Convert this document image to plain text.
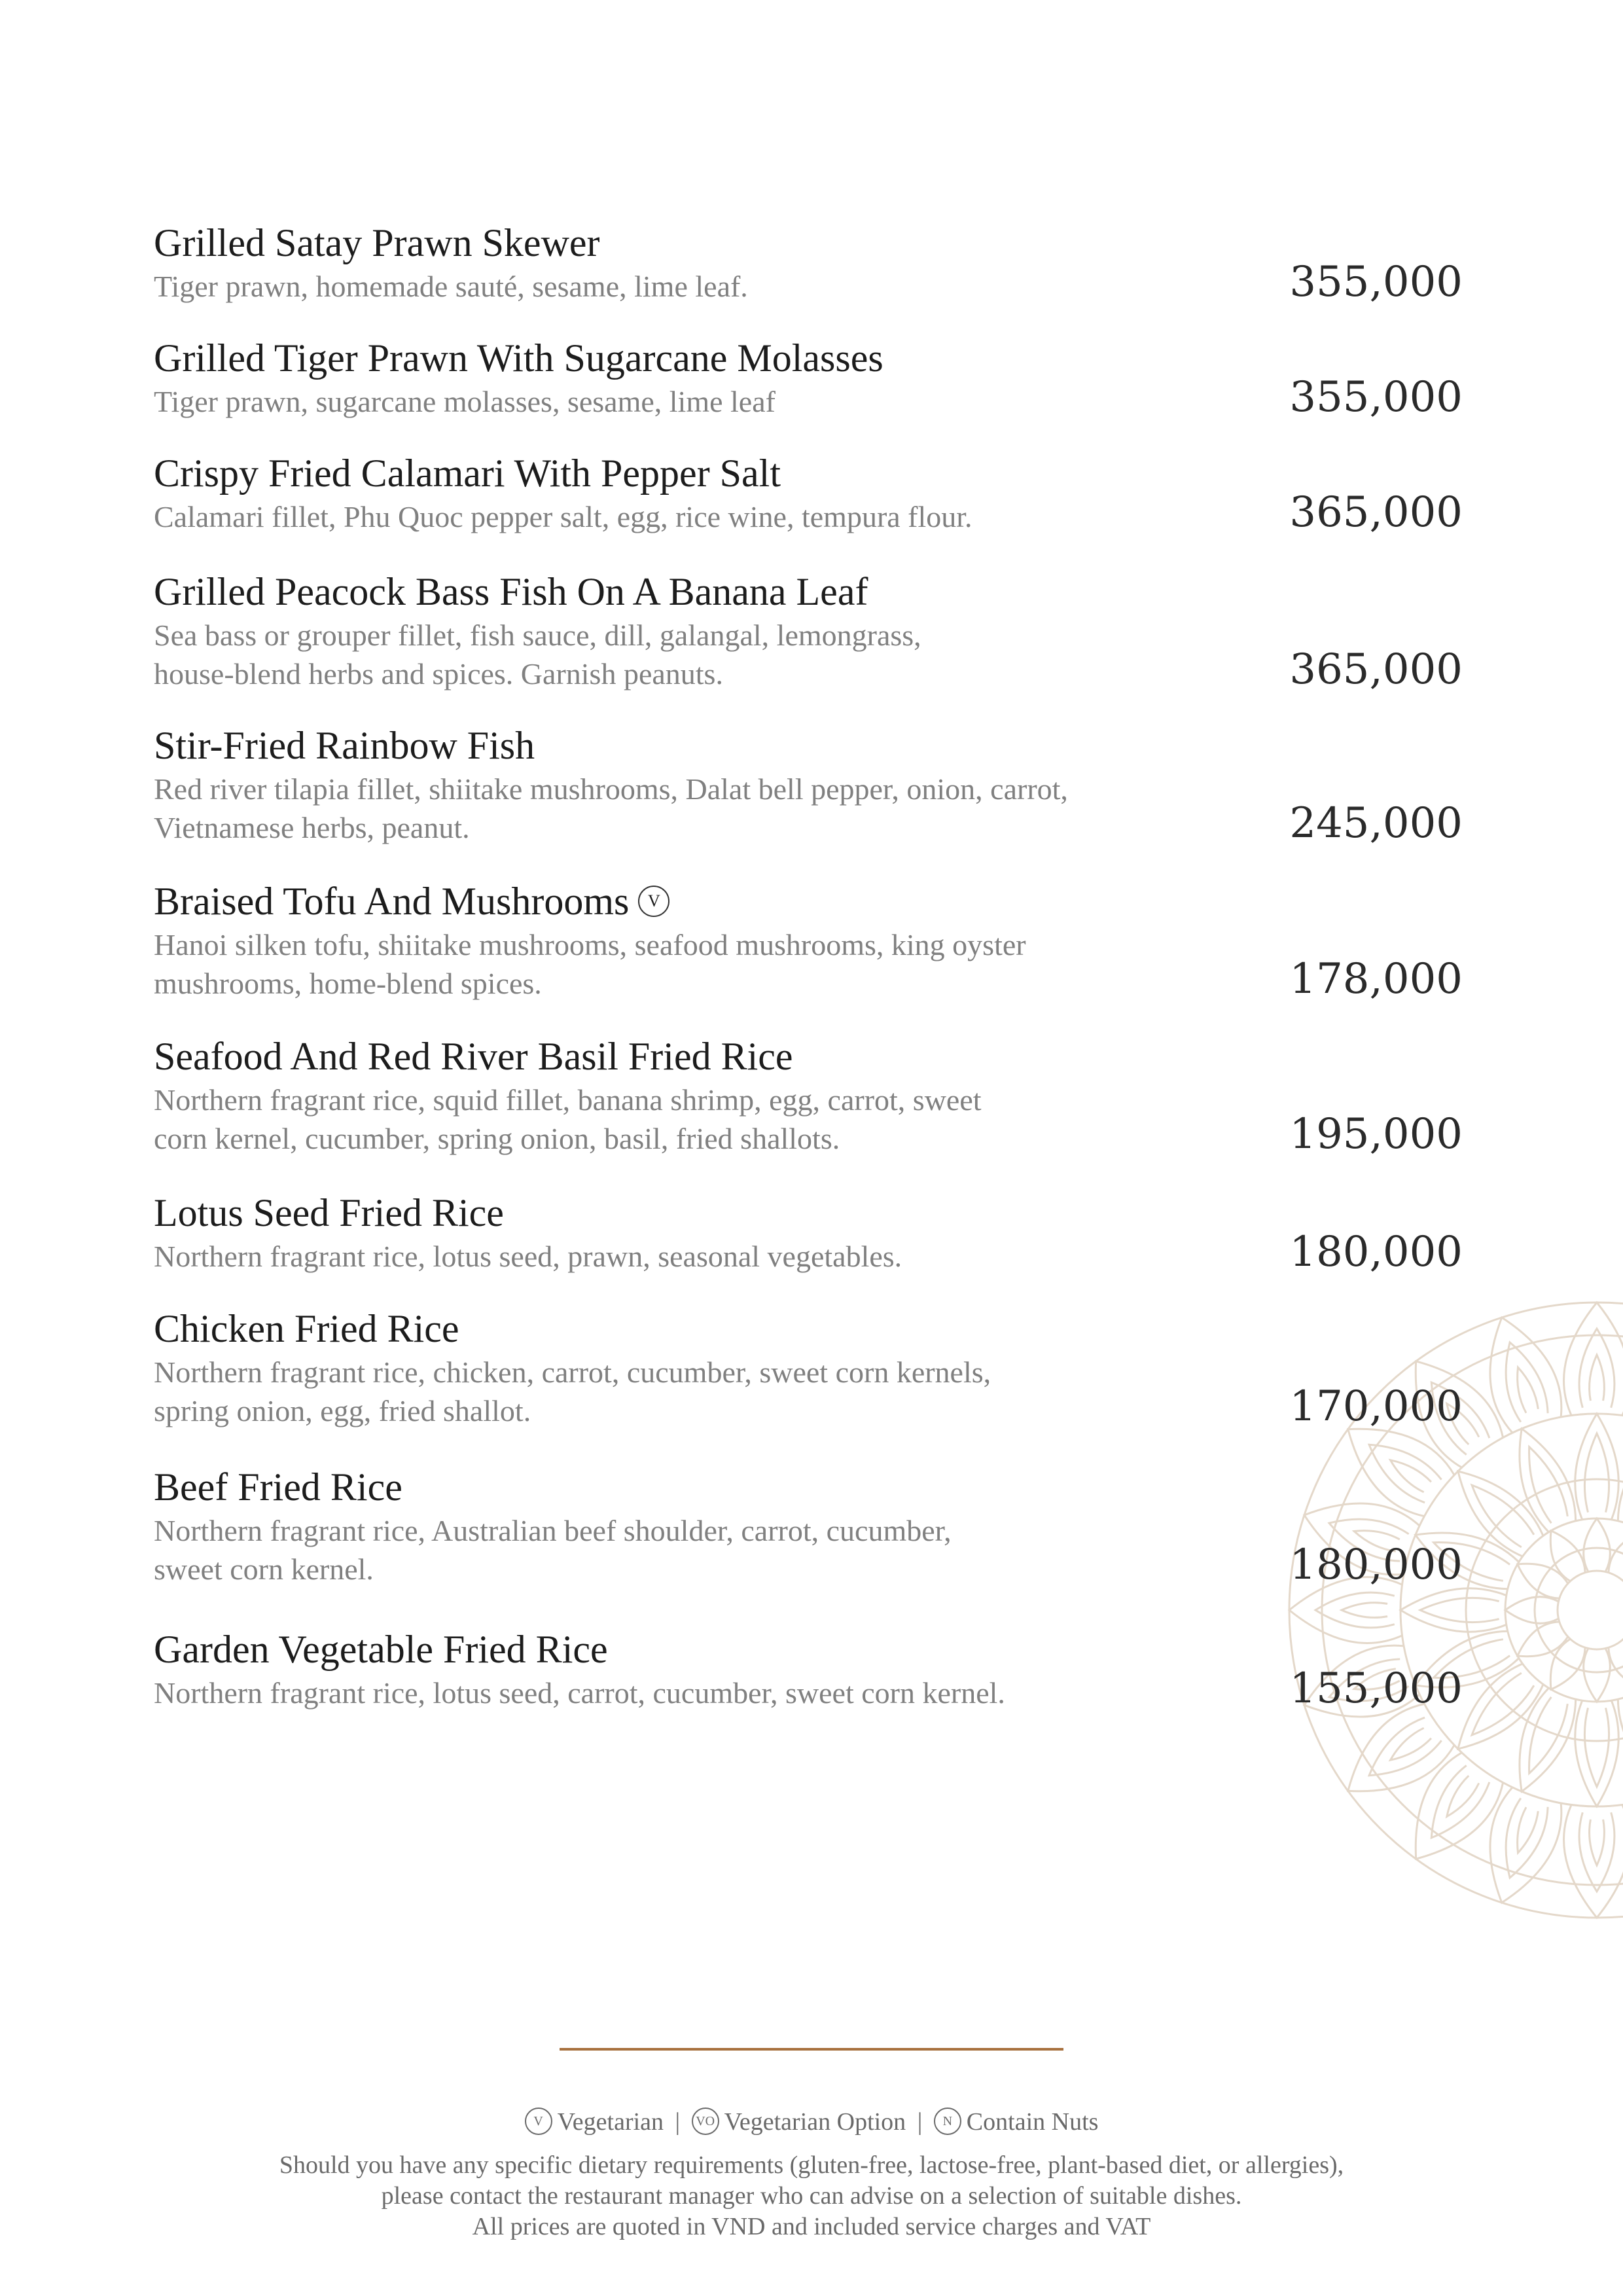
Grilled Satay Prawn Skewer
Tiger prawn, homemade sauté, sesame, lime leaf.	355,000
Grilled Tiger Prawn With Sugarcane Molasses
Tiger prawn, sugarcane molasses, sesame, lime leaf	355,000
Crispy Fried Calamari With Pepper Salt
Calamari fillet, Phu Quoc pepper salt, egg, rice wine, tempura flour.	365,000
Grilled Peacock Bass Fish On A Banana Leaf
Sea bass or grouper fillet, fish sauce, dill, galangal, lemongrass,
house-blend herbs and spices. Garnish peanuts.	365,000
Stir-Fried Rainbow Fish
Red river tilapia fillet, shiitake mushrooms, Dalat bell pepper, onion, carrot,
Vietnamese herbs, peanut.	245,000
Braised Tofu And Mushrooms V
Hanoi silken tofu, shiitake mushrooms, seafood mushrooms, king oyster
mushrooms, home-blend spices.	178,000
Seafood And Red River Basil Fried Rice
Northern fragrant rice, squid fillet, banana shrimp, egg, carrot, sweet
corn kernel, cucumber, spring onion, basil, fried shallots.	195,000
Lotus Seed Fried Rice
Northern fragrant rice, lotus seed, prawn, seasonal vegetables.	180,000
Chicken Fried Rice
Northern fragrant rice, chicken, carrot, cucumber, sweet corn kernels,
spring onion, egg, fried shallot.	170,000
Beef Fried Rice
Northern fragrant rice, Australian beef shoulder, carrot, cucumber,
sweet corn kernel.	180,000
Garden Vegetable Fried Rice
Northern fragrant rice, lotus seed, carrot, cucumber, sweet corn kernel.	155,000
V Vegetarian | VO Vegetarian Option | N Contain Nuts
Should you have any specific dietary requirements (gluten-free, lactose-free, plant-based diet, or allergies),
please contact the restaurant manager who can advise on a selection of suitable dishes.
All prices are quoted in VND and included service charges and VAT
